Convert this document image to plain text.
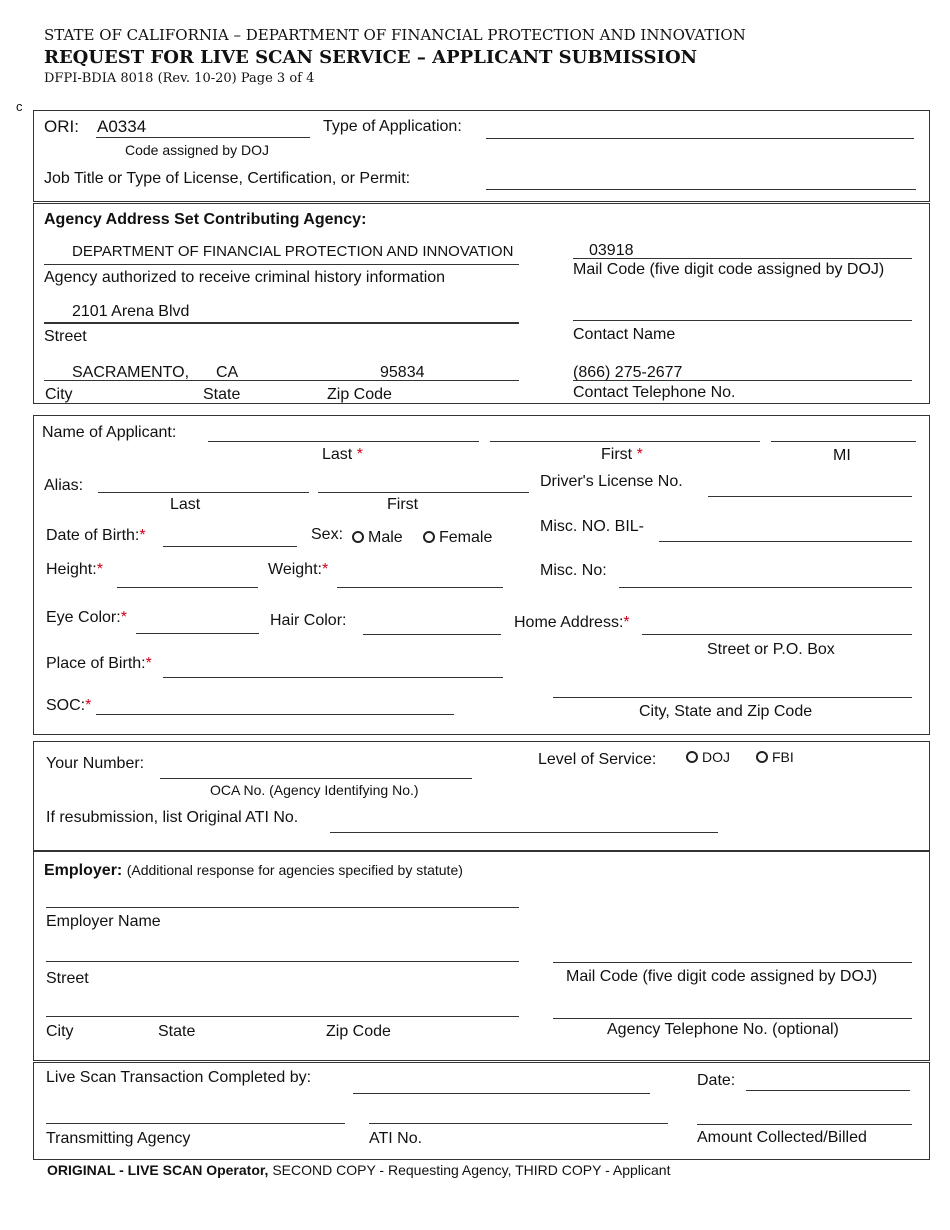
STATE OF CALIFORNIA – DEPARTMENT OF FINANCIAL PROTECTION AND INNOVATION
REQUEST FOR LIVE SCAN SERVICE – APPLICANT SUBMISSION
DFPI-BDIA 8018 (Rev. 10-20) Page 3 of 4
c
ORI: A0334
Code assigned by DOJ
Type of Application:
Job Title or Type of License, Certification, or Permit:
Agency Address Set Contributing Agency:
DEPARTMENT OF FINANCIAL PROTECTION AND INNOVATION
Agency authorized to receive criminal history information
03918
Mail Code (five digit code assigned by DOJ)
2101 Arena Blvd
Street	Contact Name
SACRAMENTO, CA	95834
City	State	Zip Code
(866) 275-2677
Contact Telephone No.
Name of Applicant:
Last *	First *	MI
Alias:
Last	First
Driver's License No.
Date of Birth:*	Sex:	Male	Female
Misc. NO. BIL-
Height:*	Weight:*	Misc. No:
Eye Color:*	Hair Color:	Home Address:*
Street or P.O. Box
Place of Birth:*
SOC:*	City, State and Zip Code
Your Number:
OCA No. (Agency Identifying No.)
Level of Service:	DOJ	FBI
If resubmission, list Original ATI No.
Employer: (Additional response for agencies specified by statute)
Employer Name
Street	Mail Code (five digit code assigned by DOJ)
City	State	Zip Code	Agency Telephone No. (optional)
Live Scan Transaction Completed by:	Date:
Transmitting Agency	ATI No.	Amount Collected/Billed
ORIGINAL - LIVE SCAN Operator, SECOND COPY - Requesting Agency, THIRD COPY - Applicant
